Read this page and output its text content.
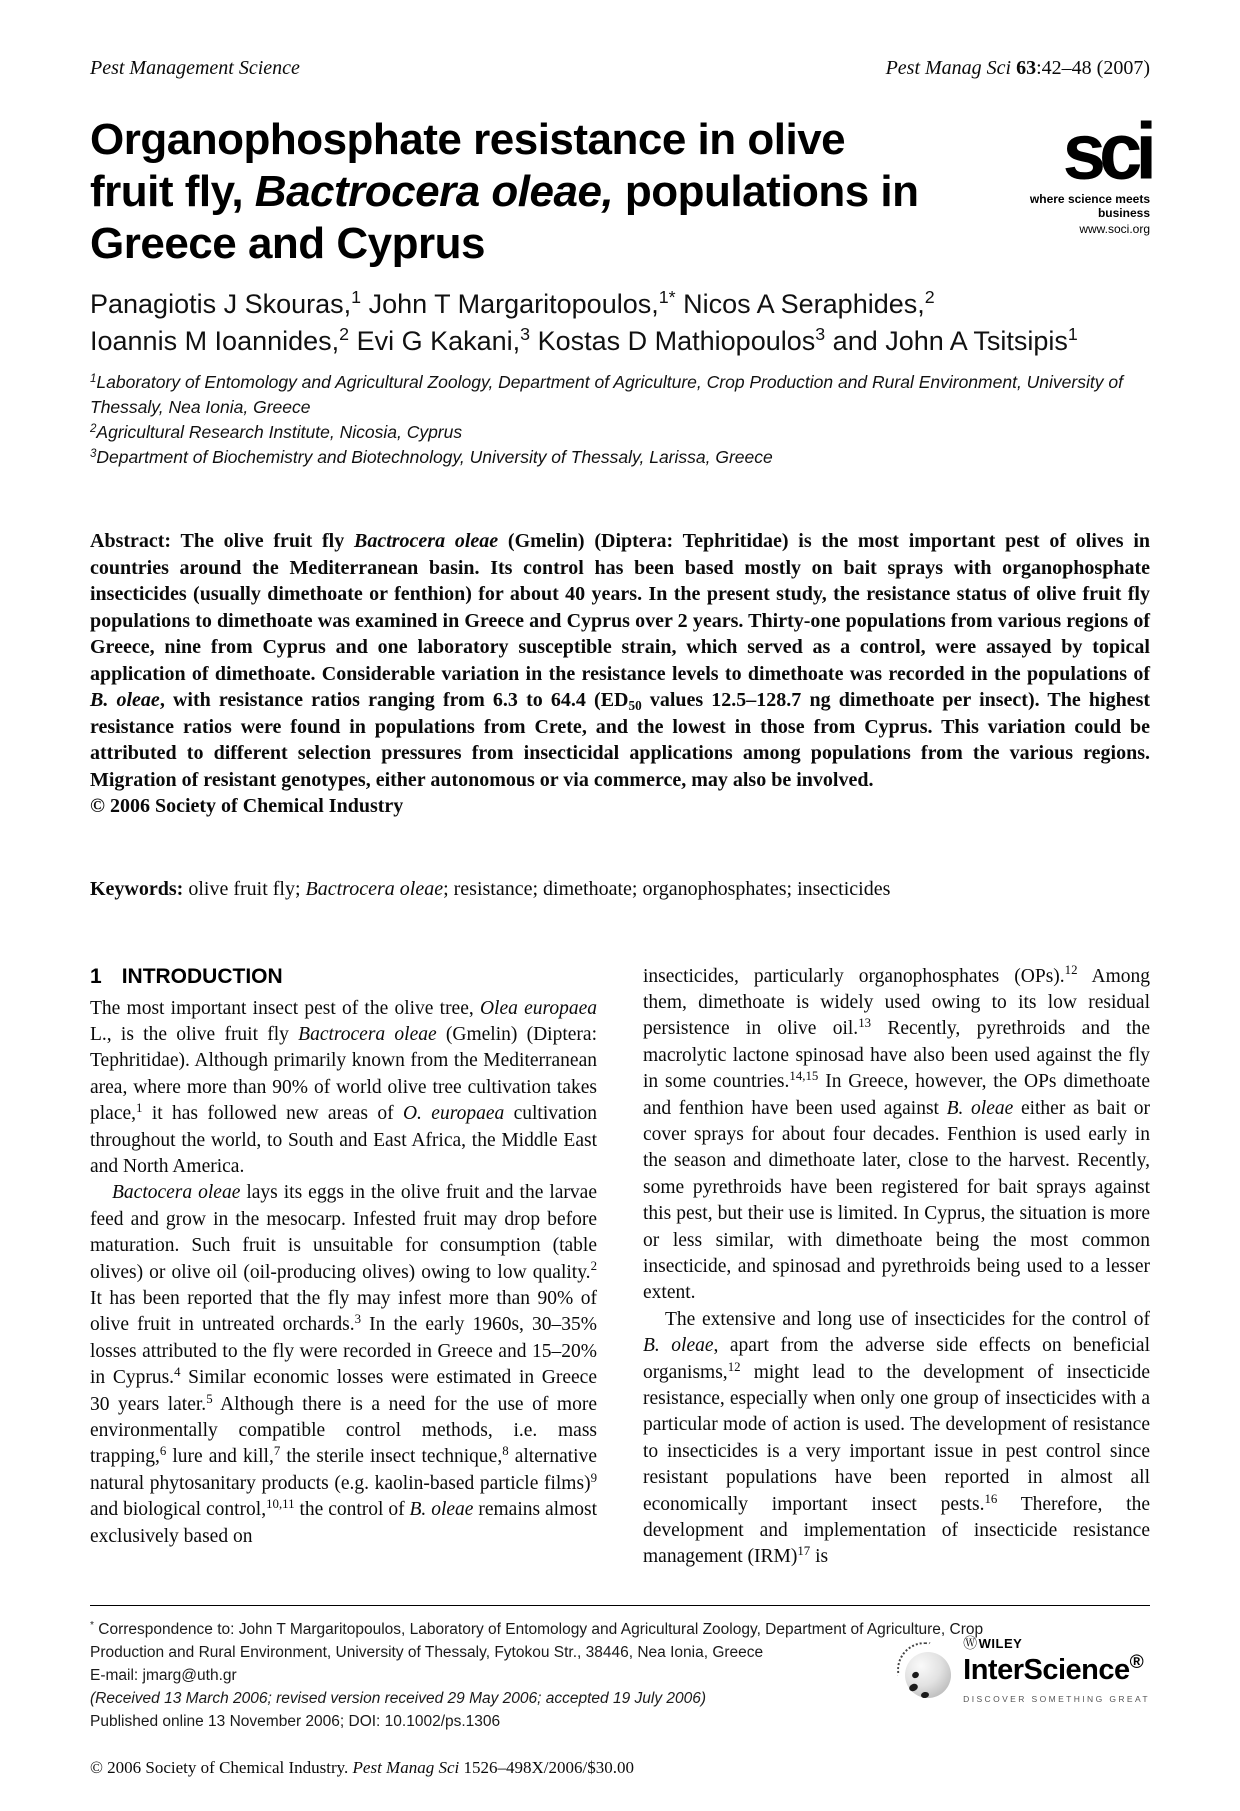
Pest Management Science	Pest Manag Sci 63:42–48 (2007)
Organophosphate resistance in olive fruit fly, Bactrocera oleae, populations in Greece and Cyprus
sci
where science meets business
www.soci.org
Panagiotis J Skouras,$^1$ John T Margaritopoulos,$^{1*}$ Nicos A Seraphides,$^2$
Ioannis M Ioannides,$^2$ Evi G Kakani,$^3$ Kostas D Mathiopoulos$^3$ and John A Tsitsipis$^1$
$^1$Laboratory of Entomology and Agricultural Zoology, Department of Agriculture, Crop Production and Rural Environment, University of Thessaly, Nea Ionia, Greece
$^2$Agricultural Research Institute, Nicosia, Cyprus
$^3$Department of Biochemistry and Biotechnology, University of Thessaly, Larissa, Greece
Abstract: The olive fruit fly Bactrocera oleae (Gmelin) (Diptera: Tephritidae) is the most important pest of olives in countries around the Mediterranean basin. Its control has been based mostly on bait sprays with organophosphate insecticides (usually dimethoate or fenthion) for about 40 years. In the present study, the resistance status of olive fruit fly populations to dimethoate was examined in Greece and Cyprus over 2 years. Thirty-one populations from various regions of Greece, nine from Cyprus and one laboratory susceptible strain, which served as a control, were assayed by topical application of dimethoate. Considerable variation in the resistance levels to dimethoate was recorded in the populations of B. oleae, with resistance ratios ranging from 6.3 to 64.4 (ED50 values 12.5–128.7 ng dimethoate per insect). The highest resistance ratios were found in populations from Crete, and the lowest in those from Cyprus. This variation could be attributed to different selection pressures from insecticidal applications among populations from the various regions. Migration of resistant genotypes, either autonomous or via commerce, may also be involved.
© 2006 Society of Chemical Industry
Keywords: olive fruit fly; Bactrocera oleae; resistance; dimethoate; organophosphates; insecticides
1 INTRODUCTION

The most important insect pest of the olive tree, Olea europaea L., is the olive fruit fly Bactrocera oleae (Gmelin) (Diptera: Tephritidae). Although primarily known from the Mediterranean area, where more than 90% of world olive tree cultivation takes place,$^1$ it has followed new areas of O. europaea cultivation throughout the world, to South and East Africa, the Middle East and North America.

Bactocera oleae lays its eggs in the olive fruit and the larvae feed and grow in the mesocarp. Infested fruit may drop before maturation. Such fruit is unsuitable for consumption (table olives) or olive oil (oil-producing olives) owing to low quality.$^2$ It has been reported that the fly may infest more than 90% of olive fruit in untreated orchards.$^3$ In the early 1960s, 30–35% losses attributed to the fly were recorded in Greece and 15–20% in Cyprus.$^4$ Similar economic losses were estimated in Greece 30 years later.$^5$ Although there is a need for the use of more environmentally compatible control methods, i.e. mass trapping,$^6$ lure and kill,$^7$ the sterile insect technique,$^8$ alternative natural phytosanitary products (e.g. kaolin-based particle films)$^9$ and biological control,$^{10,11}$ the control of B. oleae remains almost exclusively based on

insecticides, particularly organophosphates (OPs).$^{12}$ Among them, dimethoate is widely used owing to its low residual persistence in olive oil.$^{13}$ Recently, pyrethroids and the macrolytic lactone spinosad have also been used against the fly in some countries.$^{14,15}$ In Greece, however, the OPs dimethoate and fenthion have been used against B. oleae either as bait or cover sprays for about four decades. Fenthion is used early in the season and dimethoate later, close to the harvest. Recently, some pyrethroids have been registered for bait sprays against this pest, but their use is limited. In Cyprus, the situation is more or less similar, with dimethoate being the most common insecticide, and spinosad and pyrethroids being used to a lesser extent.

The extensive and long use of insecticides for the control of B. oleae, apart from the adverse side effects on beneficial organisms,$^{12}$ might lead to the development of insecticide resistance, especially when only one group of insecticides with a particular mode of action is used. The development of resistance to insecticides is a very important issue in pest control since resistant populations have been reported in almost all economically important insect pests.$^{16}$ Therefore, the development and implementation of insecticide resistance management (IRM)$^{17}$ is

* Correspondence to: John T Margaritopoulos, Laboratory of Entomology and Agricultural Zoology, Department of Agriculture, Crop Production and Rural Environment, University of Thessaly, Fytokou Str., 38446, Nea Ionia, Greece
E-mail: jmarg@uth.gr
(Received 13 March 2006; revised version received 29 May 2006; accepted 19 July 2006)
Published online 13 November 2006; DOI: 10.1002/ps.1306
ⓌWILEY
InterScience®
DISCOVER SOMETHING GREAT
© 2006 Society of Chemical Industry. Pest Manag Sci 1526–498X/2006/$30.00
